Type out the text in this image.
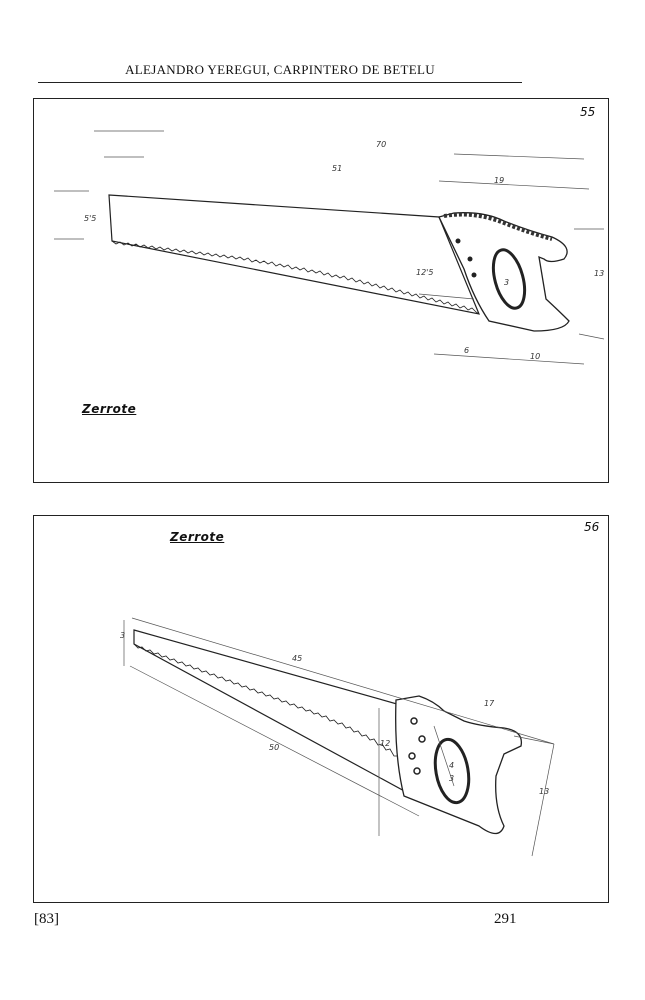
ALEJANDRO YEREGUI, CARPINTERO DE BETELU
55
Zerrote
70
51
19
5'5
12'5	13
3
6
10
56
Zerrote
3
45
17
50	12
4
3
13
[83]	291
